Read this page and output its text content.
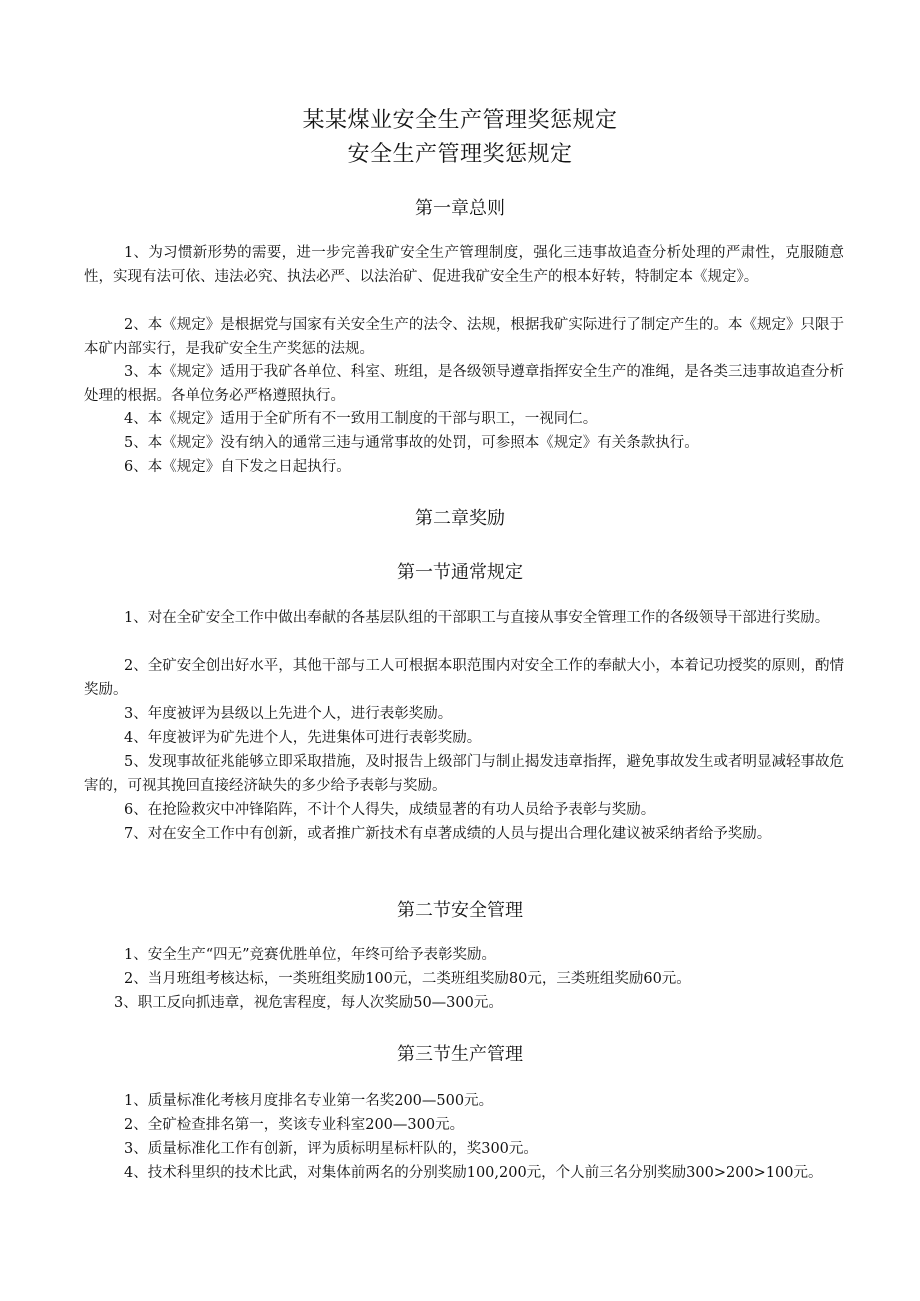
某某煤业安全生产管理奖惩规定
安全生产管理奖惩规定
第一章总则

1、为习惯新形势的需要，进一步完善我矿安全生产管理制度，强化三违事故追查分析处理的严肃性，克服随意性，实现有法可依、违法必究、执法必严、以法治矿、促进我矿安全生产的根本好转，特制定本《规定》。

2、本《规定》是根据党与国家有关安全生产的法令、法规，根据我矿实际进行了制定产生的。本《规定》只限于本矿内部实行，是我矿安全生产奖惩的法规。

3、本《规定》适用于我矿各单位、科室、班组，是各级领导遵章指挥安全生产的准绳，是各类三违事故追查分析处理的根据。各单位务必严格遵照执行。

4、本《规定》适用于全矿所有不一致用工制度的干部与职工，一视同仁。

5、本《规定》没有纳入的通常三违与通常事故的处罚，可参照本《规定》有关条款执行。

6、本《规定》自下发之日起执行。

第二章奖励
第一节通常规定

1、对在全矿安全工作中做出奉献的各基层队组的干部职工与直接从事安全管理工作的各级领导干部进行奖励。

2、全矿安全创出好水平，其他干部与工人可根据本职范围内对安全工作的奉献大小，本着记功授奖的原则，酌情奖励。

3、年度被评为县级以上先进个人，进行表彰奖励。

4、年度被评为矿先进个人，先进集体可进行表彰奖励。

5、发现事故征兆能够立即采取措施，及时报告上级部门与制止揭发违章指挥，避免事故发生或者明显减轻事故危害的，可视其挽回直接经济缺失的多少给予表彰与奖励。

6、在抢险救灾中冲锋陷阵，不计个人得失，成绩显著的有功人员给予表彰与奖励。

7、对在安全工作中有创新，或者推广新技术有卓著成绩的人员与提出合理化建议被采纳者给予奖励。

第二节安全管理

1、安全生产“四无”竞赛优胜单位，年终可给予表彰奖励。

2、当月班组考核达标，一类班组奖励100元，二类班组奖励80元，三类班组奖励60元。

3、职工反向抓违章，视危害程度，每人次奖励50—300元。

第三节生产管理

1、质量标准化考核月度排名专业第一名奖200—500元。

2、全矿检查排名第一，奖该专业科室200—300元。

3、质量标准化工作有创新，评为质标明星标杆队的，奖300元。

4、技术科里织的技术比武，对集体前两名的分别奖励100,200元，个人前三名分别奖励300>200>100元。
